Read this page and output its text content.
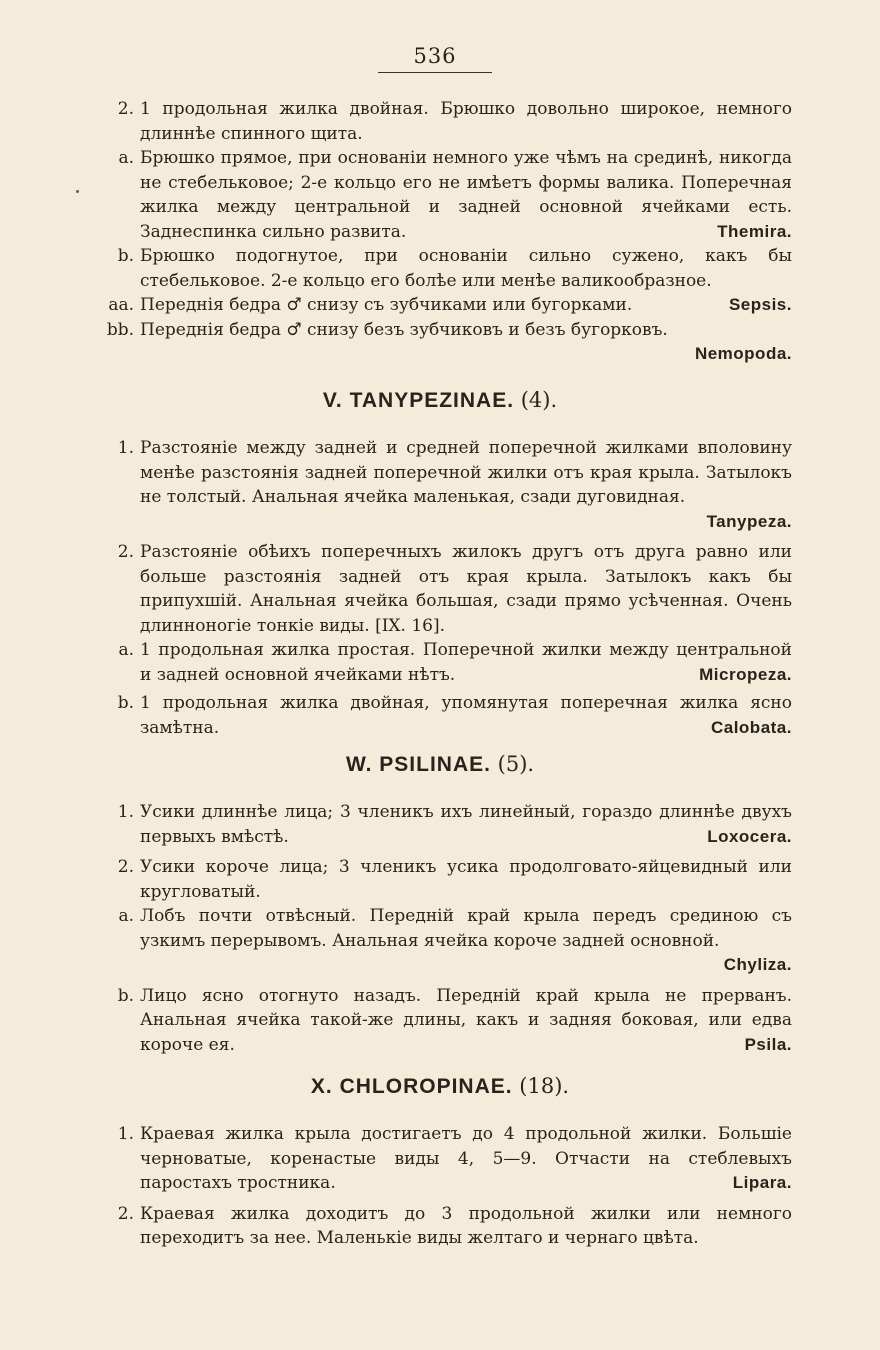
536
2. 1 продольная жилка двойная. Брюшко довольно широкое, немного длиннѣе спинного щита.
a. Брюшко прямое, при основаніи немного уже чѣмъ на срединѣ, никогда не стебельковое; 2-е кольцо его не имѣетъ формы валика. Поперечная жилка между центральной и задней основной ячейками есть. Заднеспинка сильно развита.	Themira.
b. Брюшко подогнутое, при основаніи сильно сужено, какъ бы стебельковое. 2-е кольцо его болѣе или менѣе валикообразное.
aa. Переднія бедра ♂ снизу съ зубчиками или бугорками.	Sepsis.
bb. Переднія бедра ♂ снизу безъ зубчиковъ и безъ бугорковъ.
Nemopoda.
V. TANYPEZINAE. (4).
1. Разстояніе между задней и средней поперечной жилками вполовину менѣе разстоянія задней поперечной жилки отъ края крыла. Затылокъ не толстый. Анальная ячейка маленькая, сзади дуговидная.
Tanypeza.
2. Разстояніе обѣихъ поперечныхъ жилокъ другъ отъ друга равно или больше разстоянія задней отъ края крыла. Затылокъ какъ бы припухшій. Анальная ячейка большая, сзади прямо усѣченная. Очень длинноногіе тонкіе виды. [IX. 16].
a. 1 продольная жилка простая. Поперечной жилки между центральной и задней основной ячейками нѣтъ.	Micropeza.
b. 1 продольная жилка двойная, упомянутая поперечная жилка ясно замѣтна.	Calobata.
W. PSILINAE. (5).
1. Усики длиннѣе лица; 3 членикъ ихъ линейный, гораздо длиннѣе двухъ первыхъ вмѣстѣ.	Loxocera.
2. Усики короче лица; 3 членикъ усика продолговато-яйцевидный или кругловатый.
a. Лобъ почти отвѣсный. Передній край крыла передъ срединою съ узкимъ перерывомъ. Анальная ячейка короче задней основной.
Chyliza.
b. Лицо ясно отогнуто назадъ. Передній край крыла не прерванъ. Анальная ячейка такой-же длины, какъ и задняя боковая, или едва короче ея.	Psila.
X. CHLOROPINAE. (18).
1. Краевая жилка крыла достигаетъ до 4 продольной жилки. Большіе черноватые, коренастые виды 4, 5—9. Отчасти на стеблевыхъ паростахъ тростника.	Lipara.
2. Краевая жилка доходитъ до 3 продольной жилки или немного переходитъ за нее. Маленькіе виды желтаго и чернаго цвѣта.
